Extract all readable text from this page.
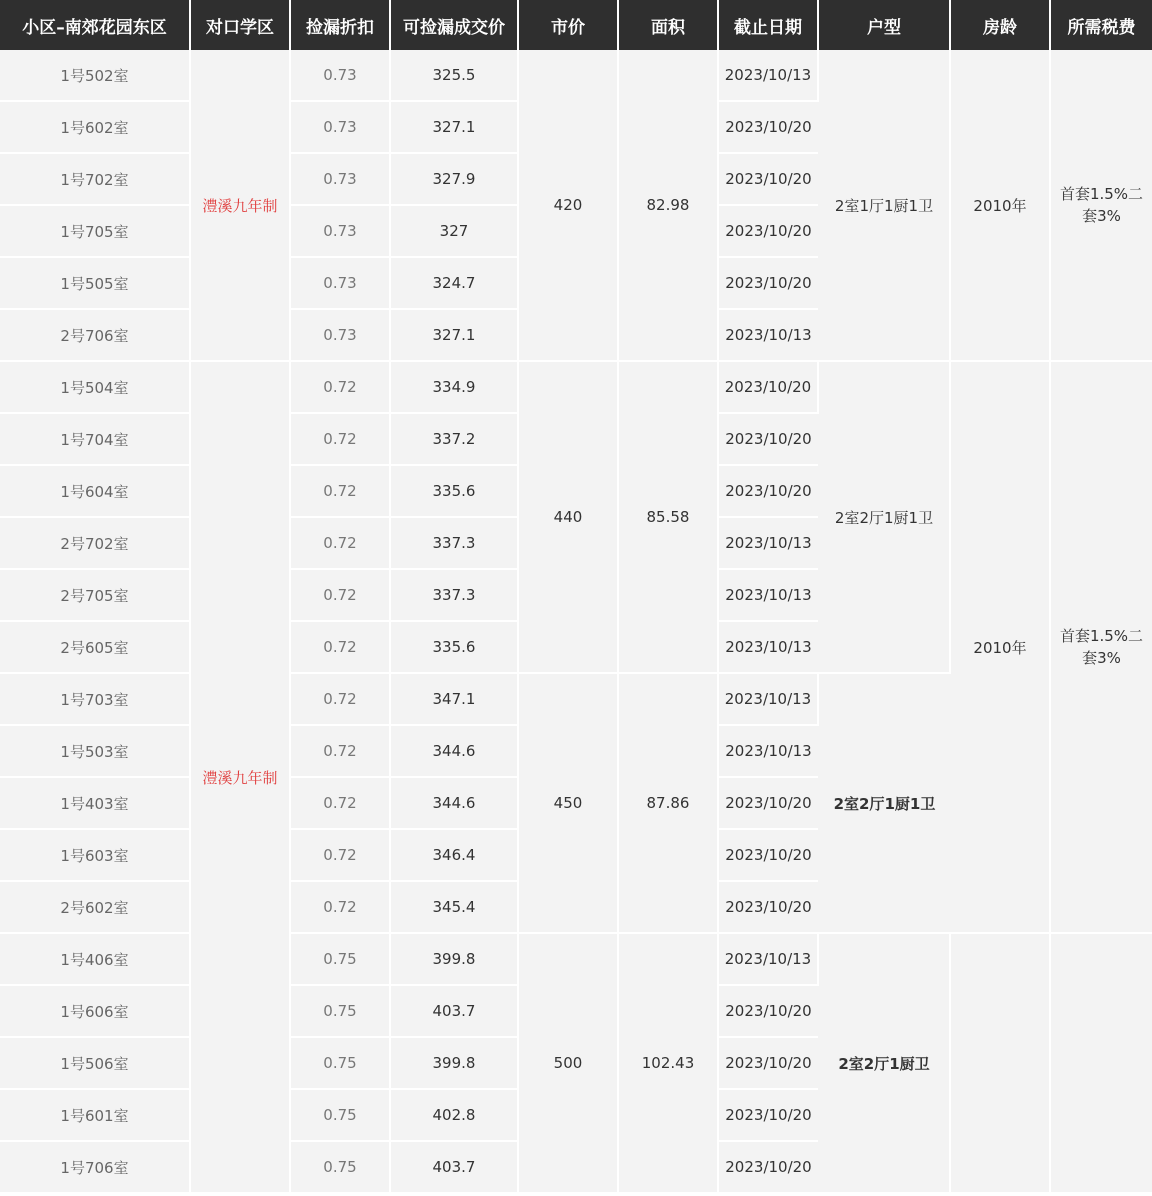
小区–南郊花园东区	对口学区	捡漏折扣	可捡漏成交价	市价	面积	截止日期	户型	房龄	所需税费
1号502室	澧溪九年制	0.73	325.5	420	82.98	2023/10/13	2室1厅1厨1卫	2010年	首套1.5%二套3%
1号602室		0.73	327.1			2023/10/20			
1号702室		0.73	327.9			2023/10/20			
1号705室		0.73	327			2023/10/20			
1号505室		0.73	324.7			2023/10/20			
2号706室		0.73	327.1			2023/10/13			
1号504室	澧溪九年制	0.72	334.9	440	85.58	2023/10/20	2室2厅1厨1卫	2010年	首套1.5%二套3%
1号704室		0.72	337.2			2023/10/20			
1号604室		0.72	335.6			2023/10/20			
2号702室		0.72	337.3			2023/10/13			
2号705室		0.72	337.3			2023/10/13			
2号605室		0.72	335.6			2023/10/13			
1号703室		0.72	347.1	450	87.86	2023/10/13	2室2厅1厨1卫		
1号503室		0.72	344.6			2023/10/13			
1号403室		0.72	344.6			2023/10/20			
1号603室		0.72	346.4			2023/10/20			
2号602室		0.72	345.4			2023/10/20			
1号406室		0.75	399.8	500	102.43	2023/10/13	2室2厅1厨卫		
1号606室		0.75	403.7			2023/10/20			
1号506室		0.75	399.8			2023/10/20			
1号601室		0.75	402.8			2023/10/20			
1号706室		0.75	403.7			2023/10/20			
